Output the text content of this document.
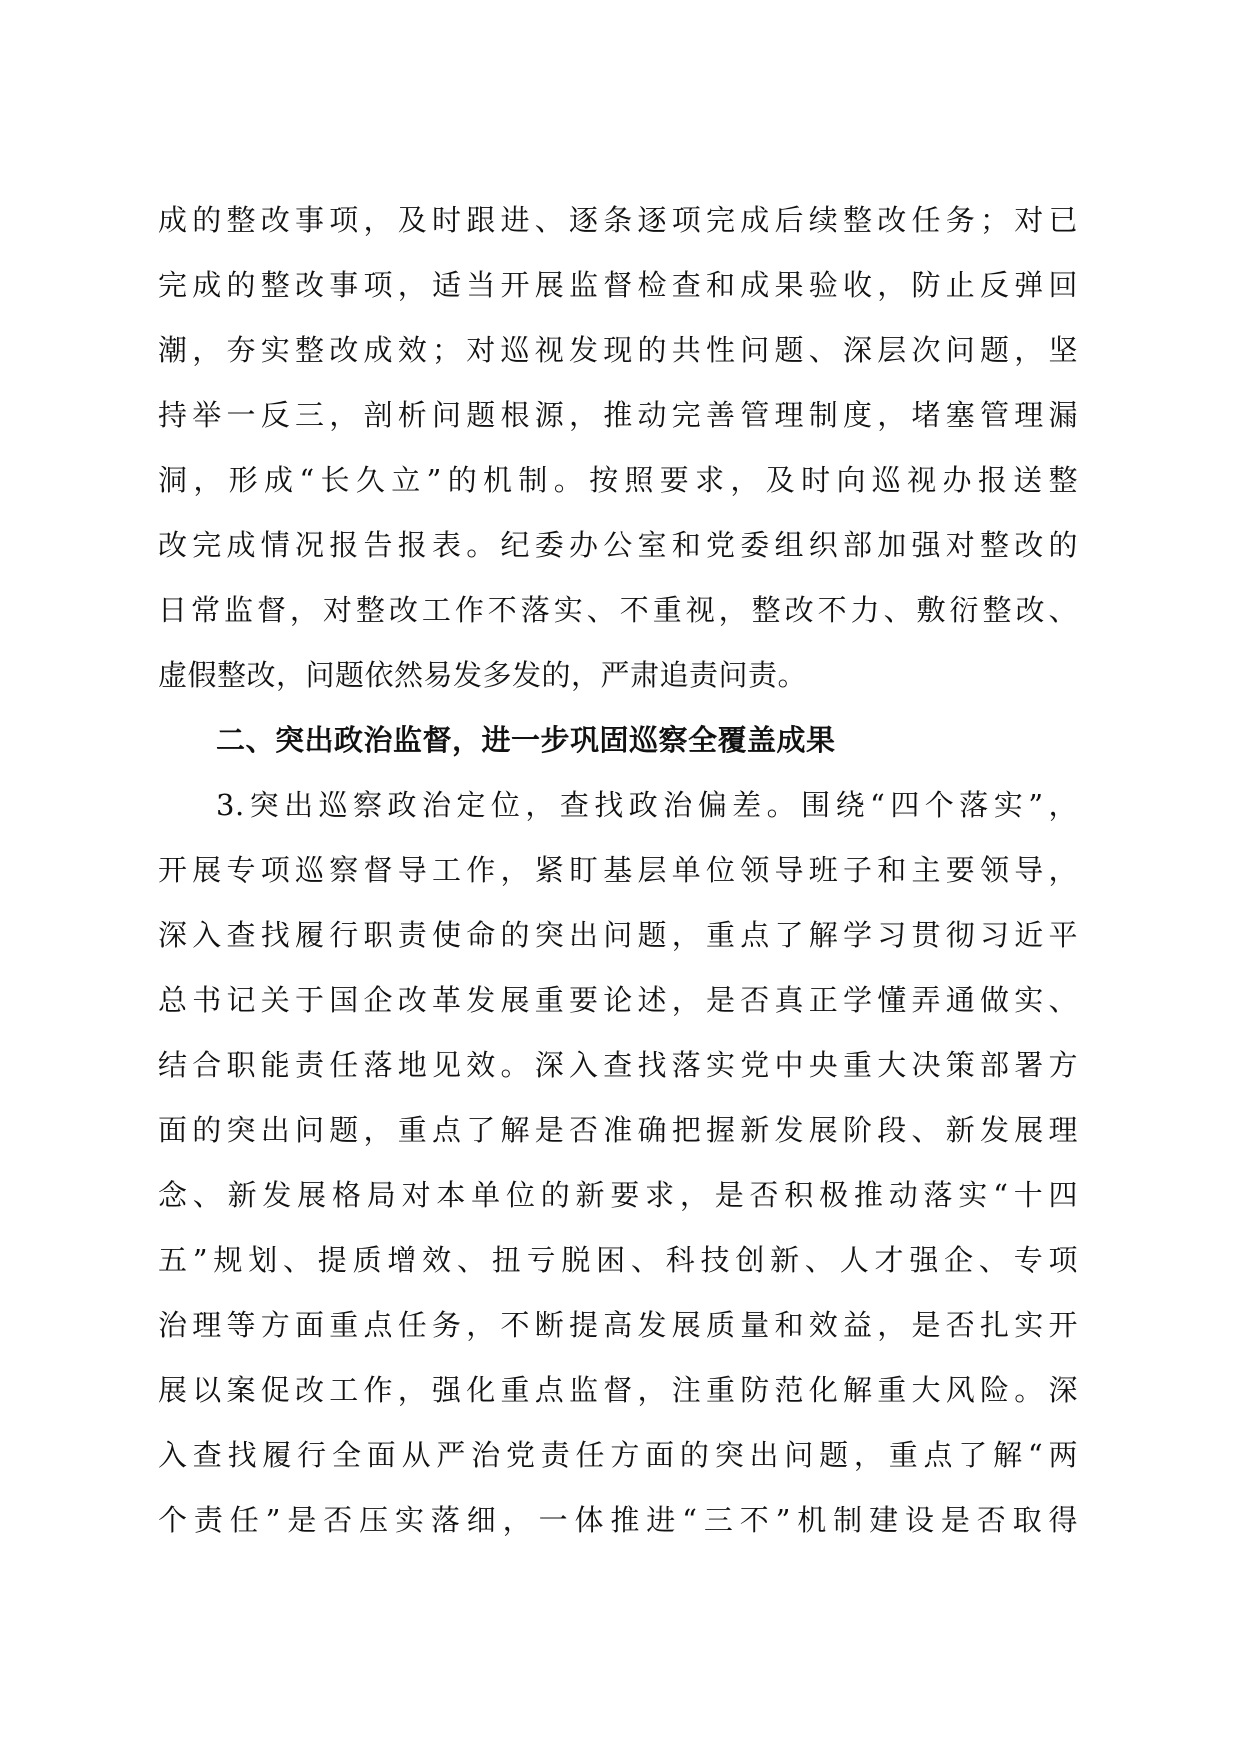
成的整改事项，及时跟进、逐条逐项完成后续整改任务；对已
完成的整改事项，适当开展监督检查和成果验收，防止反弹回
潮，夯实整改成效；对巡视发现的共性问题、深层次问题，坚
持举一反三，剖析问题根源，推动完善管理制度，堵塞管理漏
洞，形成“长久立”的机制。按照要求，及时向巡视办报送整
改完成情况报告报表。纪委办公室和党委组织部加强对整改的
日常监督，对整改工作不落实、不重视，整改不力、敷衍整改、
虚假整改，问题依然易发多发的，严肃追责问责。
二、突出政治监督，进一步巩固巡察全覆盖成果
3.突出巡察政治定位，查找政治偏差。围绕“四个落实”，
开展专项巡察督导工作，紧盯基层单位领导班子和主要领导，
深入查找履行职责使命的突出问题，重点了解学习贯彻习近平
总书记关于国企改革发展重要论述，是否真正学懂弄通做实、
结合职能责任落地见效。深入查找落实党中央重大决策部署方
面的突出问题，重点了解是否准确把握新发展阶段、新发展理
念、新发展格局对本单位的新要求，是否积极推动落实“十四
五”规划、提质增效、扭亏脱困、科技创新、人才强企、专项
治理等方面重点任务，不断提高发展质量和效益，是否扎实开
展以案促改工作，强化重点监督，注重防范化解重大风险。深
入查找履行全面从严治党责任方面的突出问题，重点了解“两
个责任”是否压实落细，一体推进“三不”机制建设是否取得
